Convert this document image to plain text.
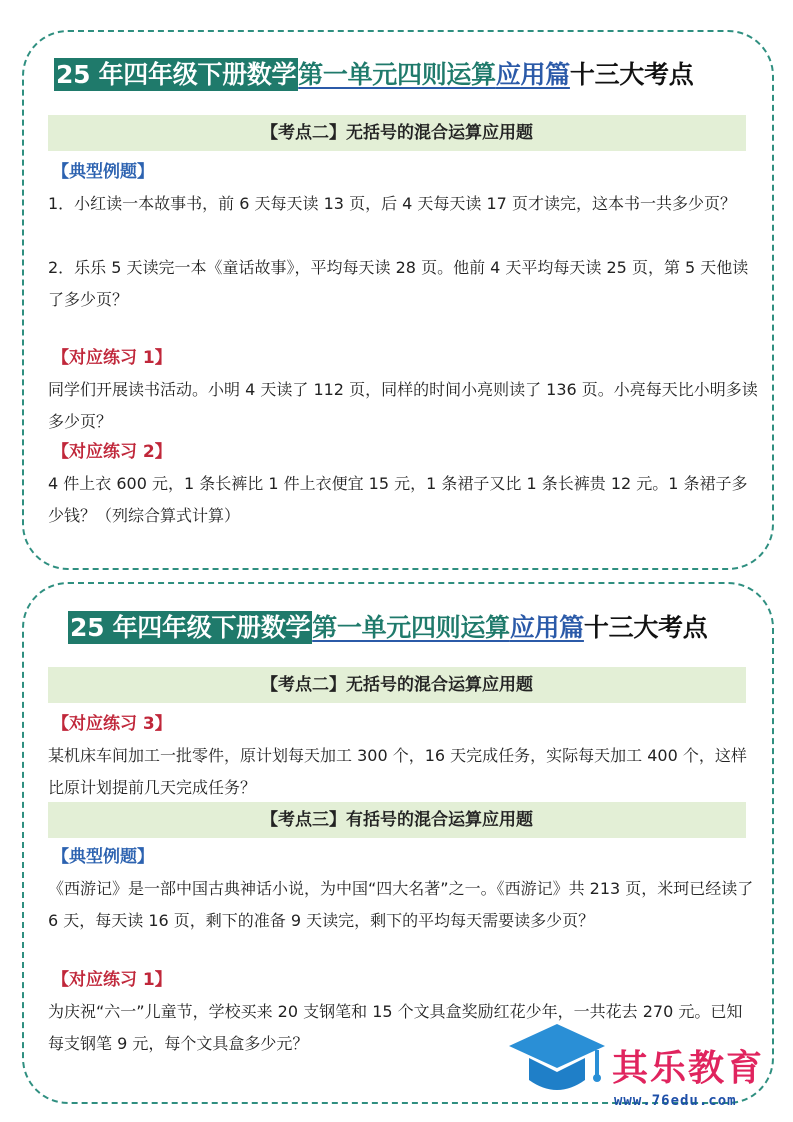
25 年四年级下册数学第一单元四则运算应用篇十三大考点
【考点二】无括号的混合运算应用题
【典型例题】
1．小红读一本故事书，前 6 天每天读 13 页，后 4 天每天读 17 页才读完，这本书一共多少页？
2．乐乐 5 天读完一本《童话故事》，平均每天读 28 页。他前 4 天平均每天读 25 页，第 5 天他读了多少页？
【对应练习 1】
同学们开展读书活动。小明 4 天读了 112 页，同样的时间小亮则读了 136 页。小亮每天比小明多读多少页？
【对应练习 2】
4 件上衣 600 元，1 条长裤比 1 件上衣便宜 15 元，1 条裙子又比 1 条长裤贵 12 元。1 条裙子多少钱？（列综合算式计算）
25 年四年级下册数学第一单元四则运算应用篇十三大考点
【考点二】无括号的混合运算应用题
【对应练习 3】
某机床车间加工一批零件，原计划每天加工 300 个，16 天完成任务，实际每天加工 400 个，这样比原计划提前几天完成任务？
【考点三】有括号的混合运算应用题
【典型例题】
《西游记》是一部中国古典神话小说，为中国“四大名著”之一。《西游记》共 213 页，米珂已经读了 6 天，每天读 16 页，剩下的准备 9 天读完，剩下的平均每天需要读多少页？
【对应练习 1】
为庆祝“六一”儿童节，学校买来 20 支钢笔和 15 个文具盒奖励红花少年，一共花去 270 元。已知每支钢笔 9 元，每个文具盒多少元？
其乐教育
www.76edu.com
